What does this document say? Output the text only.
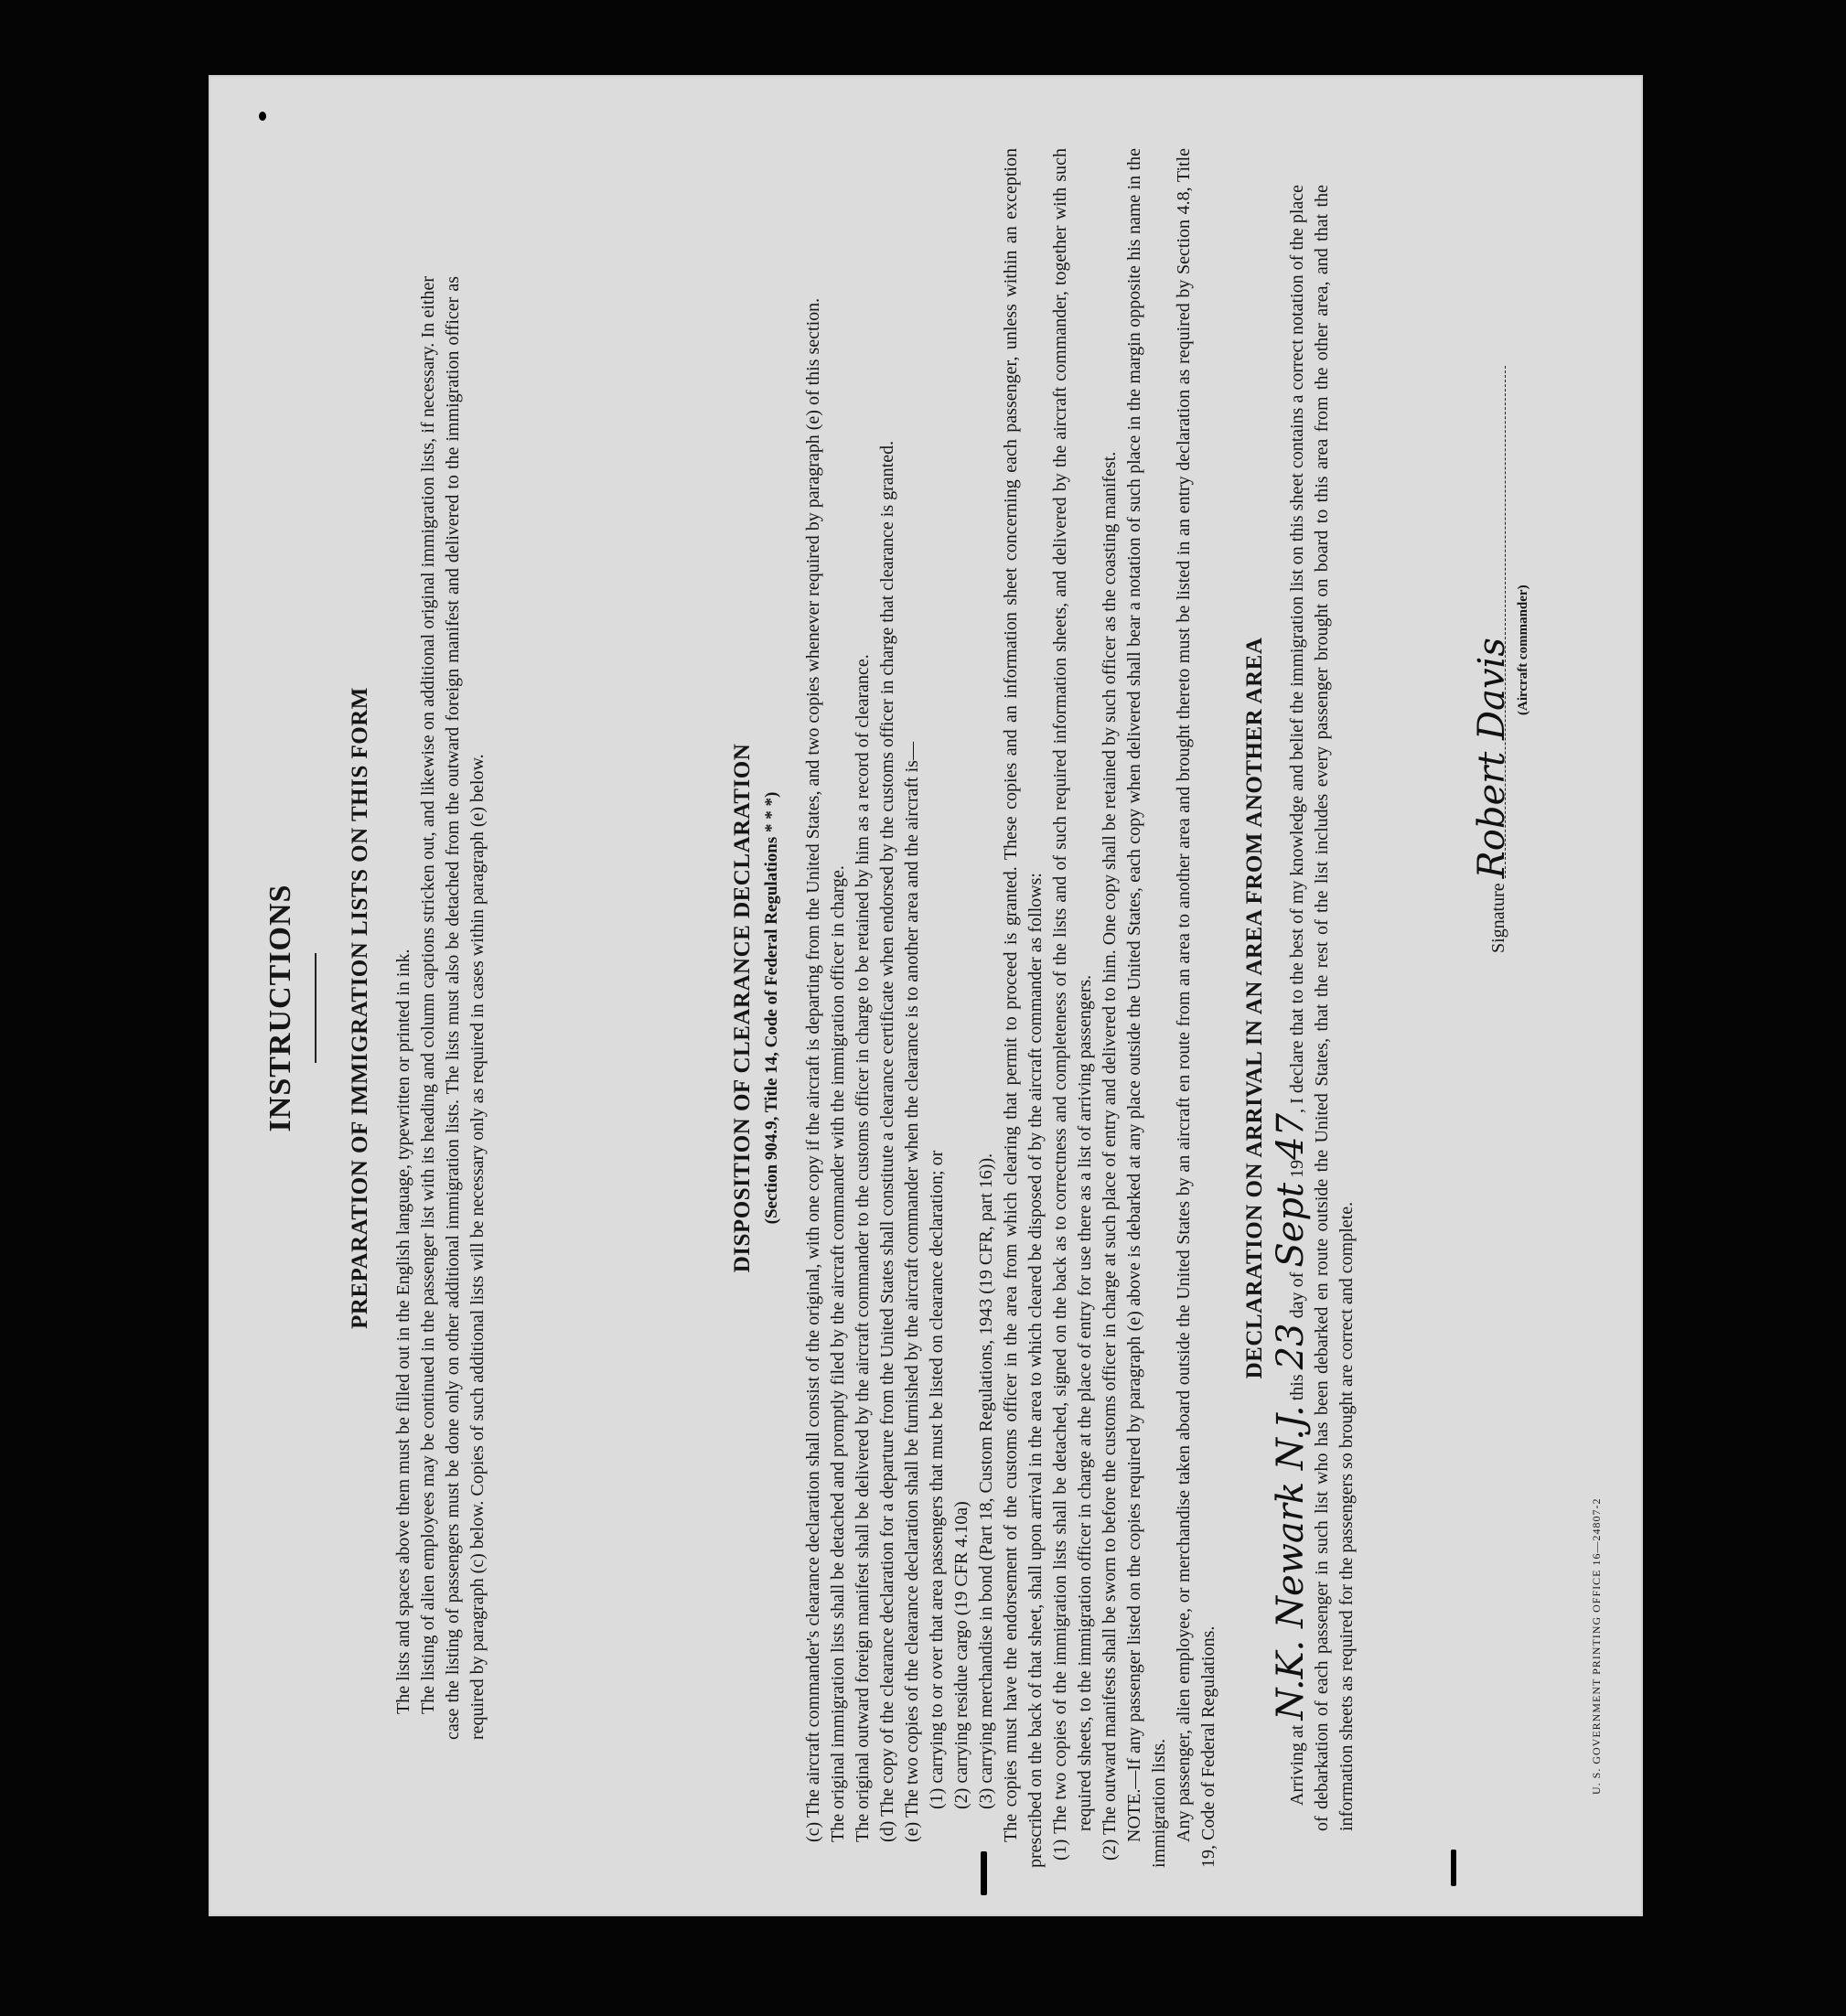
INSTRUCTIONS PREPARATION OF IMMIGRATION LISTS ON THIS FORM The lists and spaces above them must be filled out in the English language, typewritten or printed in ink. The listing of alien employees may be continued in the passenger list with its heading and column captions stricken out, and likewise on additional original immigration lists, if necessary. In either case the listing of passengers must be done only on other additional immigration lists. The lists must also be detached from the outward foreign manifest and delivered to the immigration officer as required by paragraph (c) below. Copies of such additional lists will be necessary only as required in cases within paragraph (e) below.	DISPOSITION OF CLEARANCE DECLARATION (Section 904.9, Title 14, Code of Federal Regulations * * *) (c) The aircraft commander's clearance declaration shall consist of the original, with one copy if the aircraft is departing from the United States, and two copies whenever required by paragraph (e) of this section. The original immigration lists shall be detached and promptly filed by the aircraft commander with the immigration officer in charge. The original outward foreign manifest shall be delivered by the aircraft commander to the customs officer in charge to be retained by him as a record of clearance. (d) The copy of the clearance declaration for a departure from the United States shall constitute a clearance certificate when endorsed by the customs officer in charge that clearance is granted. (e) The two copies of the clearance declaration shall be furnished by the aircraft commander when the clearance is to another area and the aircraft is— (1) carrying to or over that area passengers that must be listed on clearance declaration; or (2) carrying residue cargo (19 CFR 4.10a) (3) carrying merchandise in bond (Part 18, Custom Regulations, 1943 (19 CFR, part 16)). The copies must have the endorsement of the customs officer in the area from which clearing that permit to proceed is granted. These copies and an information sheet concerning each passenger, unless within an exception prescribed on the back of that sheet, shall upon arrival in the area to which cleared be disposed of by the aircraft commander as follows: (1) The two copies of the immigration lists shall be detached, signed on the back as to correctness and completeness of the lists and of such required information sheets, and delivered by the aircraft commander, together with such required sheets, to the immigration officer in charge at the place of entry for use there as a list of arriving passengers. (2) The outward manifests shall be sworn to before the customs officer in charge at such place of entry and delivered to him. One copy shall be retained by such officer as the coasting manifest. NOTE.—If any passenger listed on the copies required by paragraph (e) above is debarked at any place outside the United States, each copy when delivered shall bear a notation of such place in the margin opposite his name in the immigration lists. Any passenger, alien employee, or merchandise taken aboard outside the United States by an aircraft en route from an area to another area and brought thereto must be listed in an entry declaration as required by Section 4.8, Title 19, Code of Federal Regulations.

DECLARATION ON ARRIVAL IN AN AREA FROM ANOTHER AREA

Arriving at N.K. Newark N.J. this 23 day of Sept 1947, I declare that to the best of my knowledge and belief the immigration list on this sheet contains a correct notation of the place of debarkation of each passenger in such list who has been debarked en route outside the United States, that the rest of the list includes every passenger brought on board to this area from the other area, and that the information sheets as required for the passengers so brought are correct and complete.

Signature Robert Davis (Aircraft commander)
U. S. GOVERNMENT PRINTING OFFICE 16—24807-2
